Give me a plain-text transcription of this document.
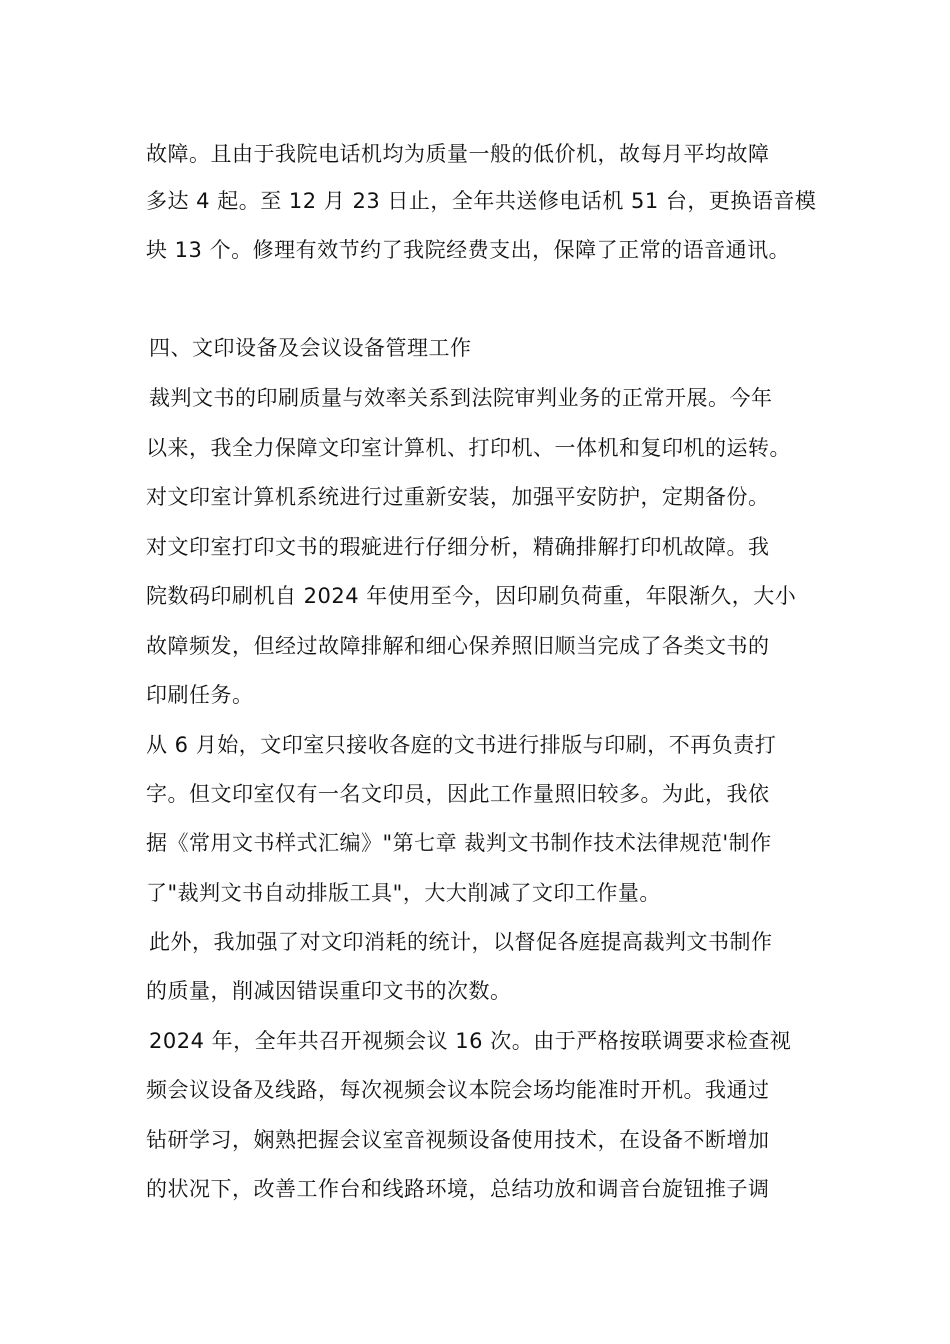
故障。且由于我院电话机均为质量一般的低价机，故每月平均故障
多达 4 起。至 12 月 23 日止，全年共送修电话机 51 台，更换语音模
块 13 个。修理有效节约了我院经费支出，保障了正常的语音通讯。
四、文印设备及会议设备管理工作
裁判文书的印刷质量与效率关系到法院审判业务的正常开展。今年
以来，我全力保障文印室计算机、打印机、一体机和复印机的运转。
对文印室计算机系统进行过重新安装，加强平安防护，定期备份。
对文印室打印文书的瑕疵进行仔细分析，精确排解打印机故障。我
院数码印刷机自 2024 年使用至今，因印刷负荷重，年限渐久，大小
故障频发，但经过故障排解和细心保养照旧顺当完成了各类文书的
印刷任务。
从 6 月始，文印室只接收各庭的文书进行排版与印刷，不再负责打
字。但文印室仅有一名文印员，因此工作量照旧较多。为此，我依
据《常用文书样式汇编》"第七章 裁判文书制作技术法律规范'制作
了"裁判文书自动排版工具"，大大削减了文印工作量。
此外，我加强了对文印消耗的统计，以督促各庭提高裁判文书制作
的质量，削减因错误重印文书的次数。
2024 年，全年共召开视频会议 16 次。由于严格按联调要求检查视
频会议设备及线路，每次视频会议本院会场均能准时开机。我通过
钻研学习，娴熟把握会议室音视频设备使用技术，在设备不断增加
的状况下，改善工作台和线路环境，总结功放和调音台旋钮推子调
